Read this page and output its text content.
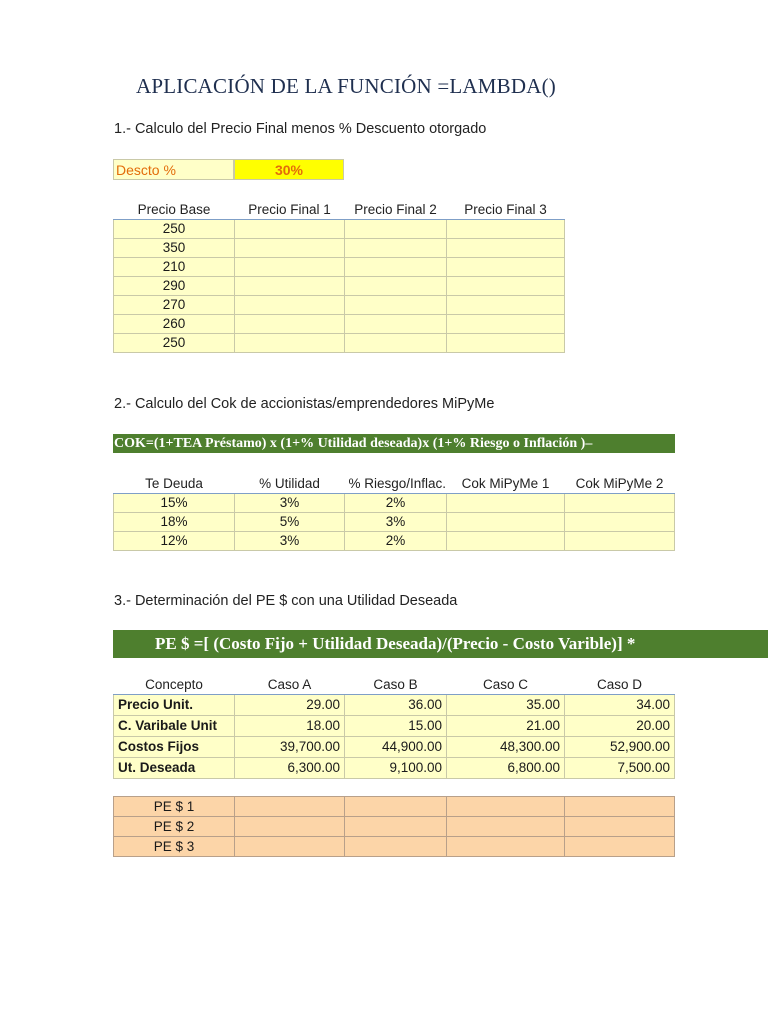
APLICACIÓN DE LA FUNCIÓN =LAMBDA()
1.- Calculo del Precio Final menos % Descuento otorgado
Descto %	30%
Precio Base	Precio Final 1	Precio Final 2	Precio Final 3
250			
350			
210			
290			
270			
260			
250			
2.- Calculo del Cok de accionistas/emprendedores MiPyMe
COK=(1+TEA Préstamo) x (1+% Utilidad deseada)x (1+% Riesgo o Inflación )–
Te Deuda	% Utilidad	% Riesgo/Inflac.	Cok MiPyMe 1	Cok MiPyMe 2
15%	3%	2%		
18%	5%	3%		
12%	3%	2%		
3.- Determinación del PE $ con una Utilidad Deseada
PE $ =[ (Costo Fijo + Utilidad Deseada)/(Precio - Costo Varible)] *
Concepto	Caso A	Caso B	Caso C	Caso D
Precio Unit.	29.00	36.00	35.00	34.00
C. Varibale Unit	18.00	15.00	21.00	20.00
Costos Fijos	39,700.00	44,900.00	48,300.00	52,900.00
Ut. Deseada	6,300.00	9,100.00	6,800.00	7,500.00
PE $ 1				
PE $ 2				
PE $ 3				
